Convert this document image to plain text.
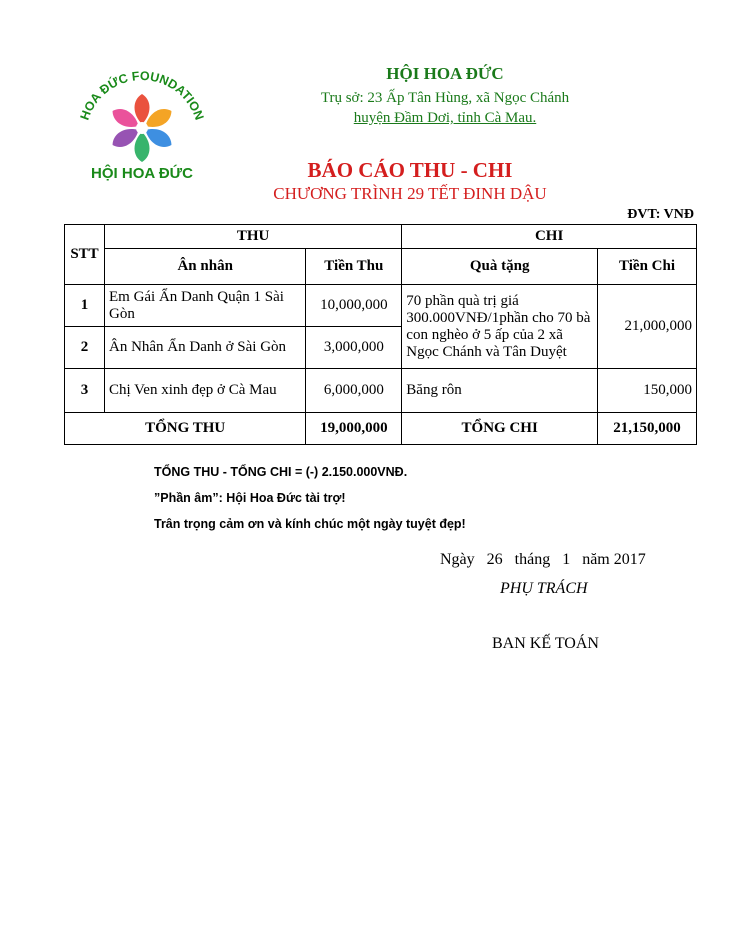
HOA ĐỨC FOUNDATION
HỘI HOA ĐỨC
HỘI HOA ĐỨC
Trụ sở: 23 Ấp Tân Hùng, xã Ngọc Chánh
huyện Đầm Dơi, tỉnh Cà Mau.
BÁO CÁO THU - CHI
CHƯƠNG TRÌNH 29 TẾT ĐINH DẬU
ĐVT: VNĐ
STT	THU		CHI	
	Ân nhân	Tiền Thu	Quà tặng	Tiền Chi
1	Em Gái Ẩn Danh Quận 1 Sài Gòn	10,000,000	70 phần quà trị giá 300.000VNĐ/1phần cho 70 bà con nghèo ở 5 ấp của 2 xã Ngọc Chánh và Tân Duyệt	21,000,000
2	Ân Nhân Ẩn Danh ở Sài Gòn	3,000,000		
3	Chị Ven xinh đẹp ở Cà Mau	6,000,000	Băng rôn	150,000
TỔNG THU		19,000,000	TỔNG CHI	21,150,000
TỔNG THU - TỔNG CHI = (-) 2.150.000VNĐ.
”Phần âm”: Hội Hoa Đức tài trợ!
Trân trọng cảm ơn và kính chúc một ngày tuyệt đẹp!
Ngày 26 tháng 1 năm 2017
PHỤ TRÁCH
BAN KẾ TOÁN
